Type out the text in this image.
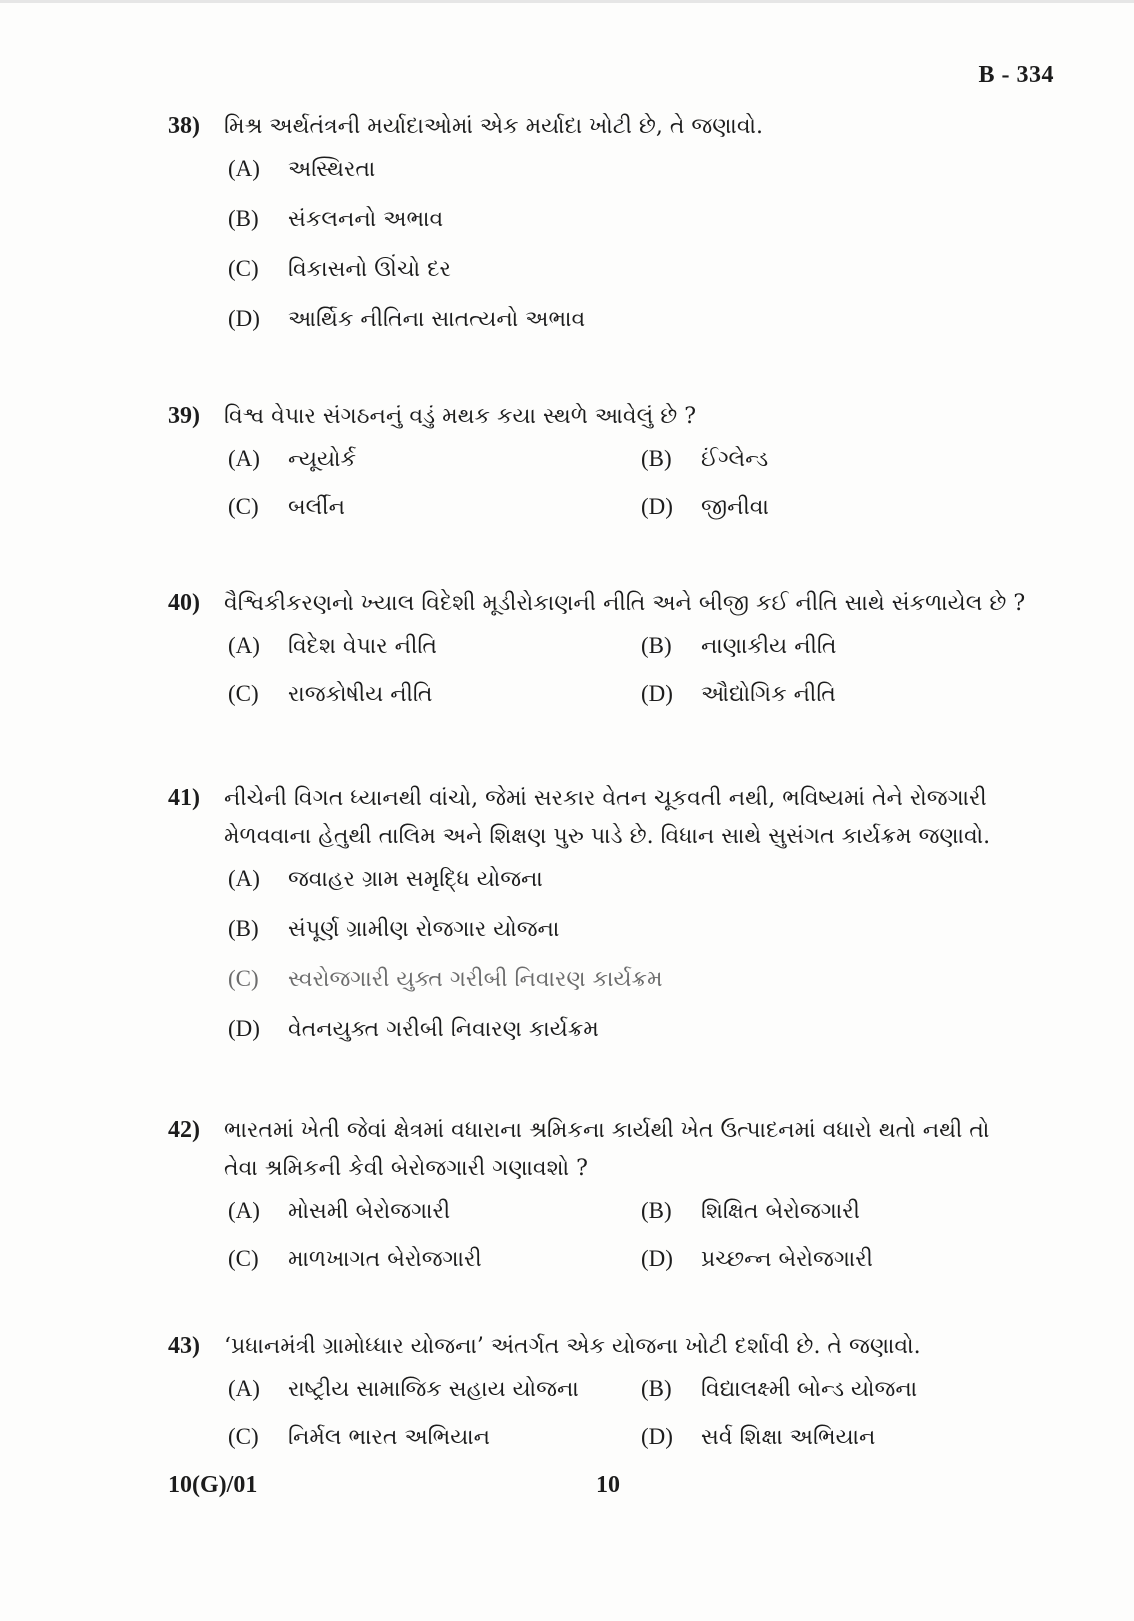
B - 334
38)	મિશ્ર અર્થતંત્રની મર્યાદાઓમાં એક મર્યાદા ખોટી છે, તે જણાવો.
(A)	અસ્થિરતા
(B)	સંકલનનો અભાવ
(C)	વિકાસનો ઊંચો દર
(D)	આર્થિક નીતિના સાતત્યનો અભાવ
39)	વિશ્વ વેપાર સંગઠનનું વડું મથક કયા સ્થળે આવેલું છે ?
(A)	ન્યૂયોર્ક	(B)	ઈંગ્લેન્ડ
(C)	બર્લીન	(D)	જીનીવા
40)	વૈશ્વિકીકરણનો ખ્યાલ વિદેશી મૂડીરોકાણની નીતિ અને બીજી કઈ નીતિ સાથે સંકળાયેલ છે ?
(A)	વિદેશ વેપાર નીતિ	(B)	નાણાકીય નીતિ
(C)	રાજકોષીય નીતિ	(D)	ઔદ્યોગિક નીતિ
41)	નીચેની વિગત ધ્યાનથી વાંચો, જેમાં સરકાર વેતન ચૂકવતી નથી, ભવિષ્યમાં તેને રોજગારી
મેળવવાના હેતુથી તાલિમ અને શિક્ષણ પુરુ પાડે છે. વિધાન સાથે સુસંગત કાર્યક્રમ જણાવો.
(A)	જવાહર ગ્રામ સમૃદ્ધિ યોજના
(B)	સંપૂર્ણ ગ્રામીણ રોજગાર યોજના
(C)	સ્વરોજગારી યુક્ત ગરીબી નિવારણ કાર્યક્રમ
(D)	વેતનયુક્ત ગરીબી નિવારણ કાર્યક્રમ
42)	ભારતમાં ખેતી જેવાં ક્ષેત્રમાં વધારાના શ્રમિકના કાર્યથી ખેત ઉત્પાદનમાં વધારો થતો નથી તો
તેવા શ્રમિકની કેવી બેરોજગારી ગણાવશો ?
(A)	મોસમી બેરોજગારી	(B)	શિક્ષિત બેરોજગારી
(C)	માળખાગત બેરોજગારી	(D)	પ્રચ્છન્ન બેરોજગારી
43)	‘પ્રધાનમંત્રી ગ્રામોધ્ધાર યોજના’ અંતર્ગત એક યોજના ખોટી દર્શાવી છે. તે જણાવો.
(A)	રાષ્ટ્રીય સામાજિક સહાય યોજના	(B)	વિદ્યાલક્ષ્મી બોન્ડ યોજના
(C)	નિર્મલ ભારત અભિયાન	(D)	સર્વ શિક્ષા અભિયાન
10(G)/01	10
